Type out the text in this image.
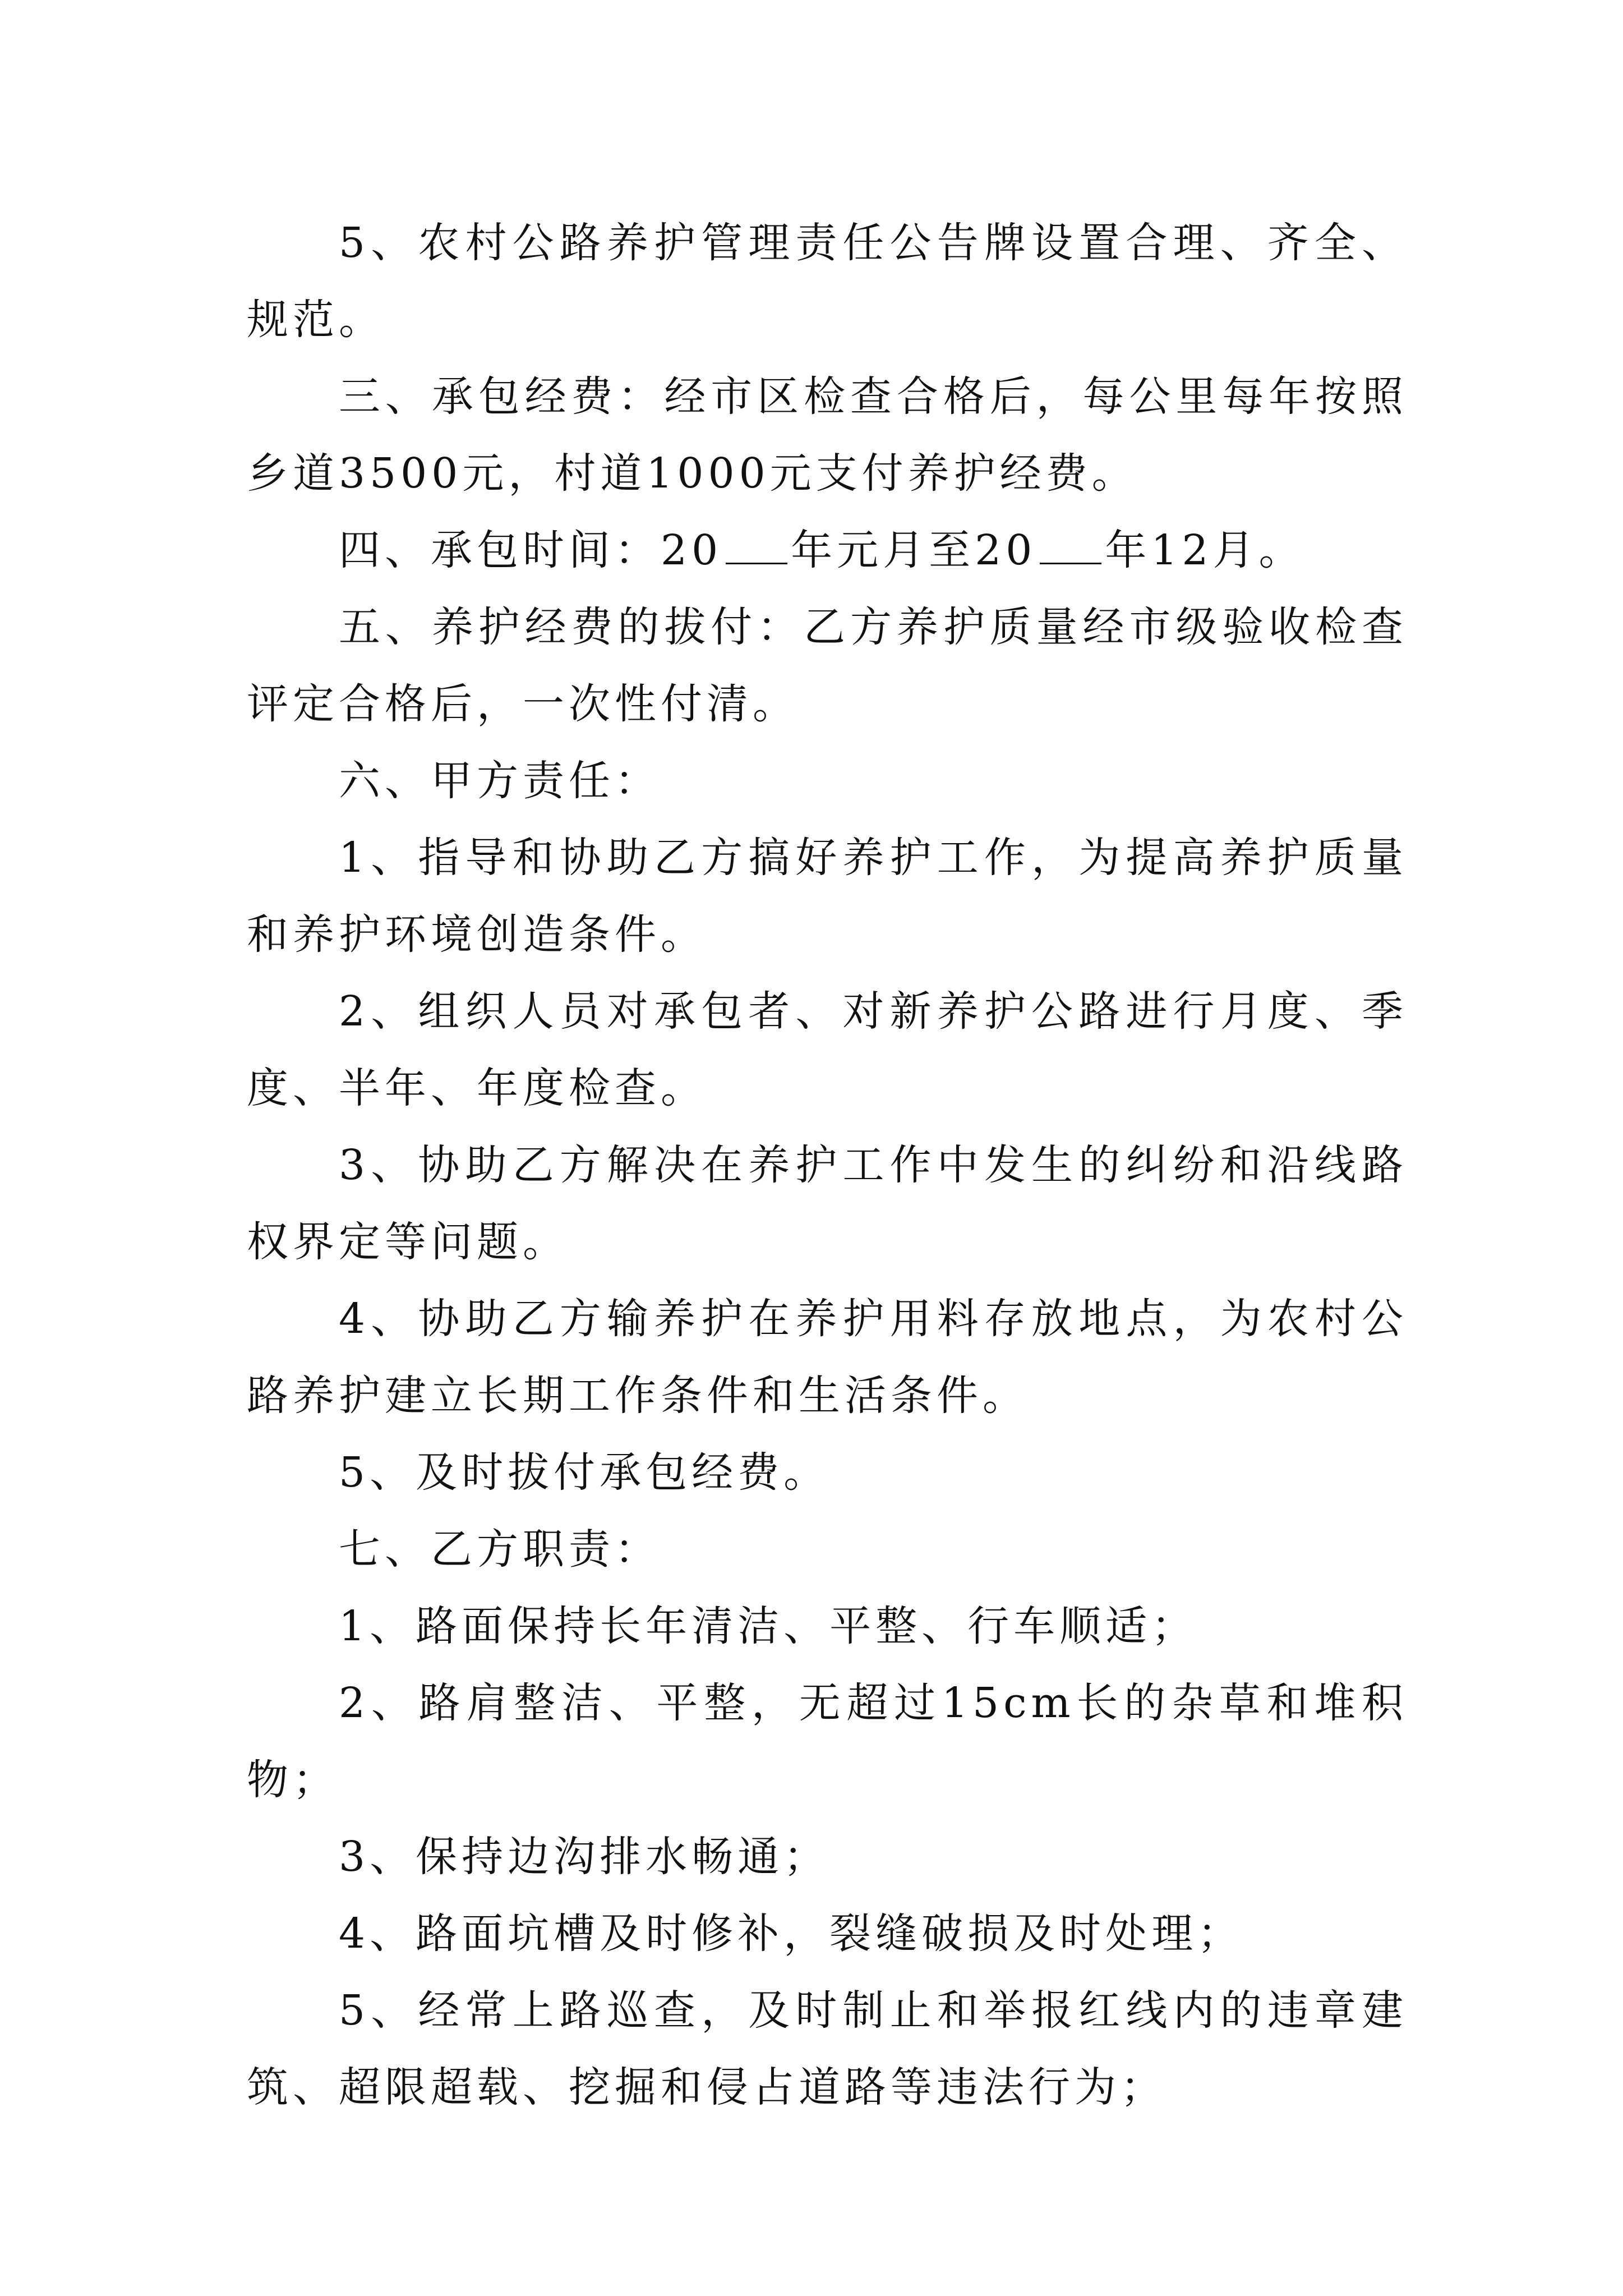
5、农村公路养护管理责任公告牌设置合理、齐全、规范。

三、承包经费：经市区检查合格后，每公里每年按照乡道3500元，村道1000元支付养护经费。

四、承包时间：20 年元月至20 年12月。

五、养护经费的拔付：乙方养护质量经市级验收检查评定合格后，一次性付清。

六、甲方责任：

1、指导和协助乙方搞好养护工作，为提高养护质量和养护环境创造条件。

2、组织人员对承包者、对新养护公路进行月度、季度、半年、年度检查。

3、协助乙方解决在养护工作中发生的纠纷和沿线路权界定等问题。

4、协助乙方输养护在养护用料存放地点，为农村公路养护建立长期工作条件和生活条件。

5、及时拔付承包经费。

七、乙方职责：

1、路面保持长年清洁、平整、行车顺适；

2、路肩整洁、平整，无超过15cm长的杂草和堆积物；

3、保持边沟排水畅通；

4、路面坑槽及时修补，裂缝破损及时处理；

5、经常上路巡查，及时制止和举报红线内的违章建筑、超限超载、挖掘和侵占道路等违法行为；
